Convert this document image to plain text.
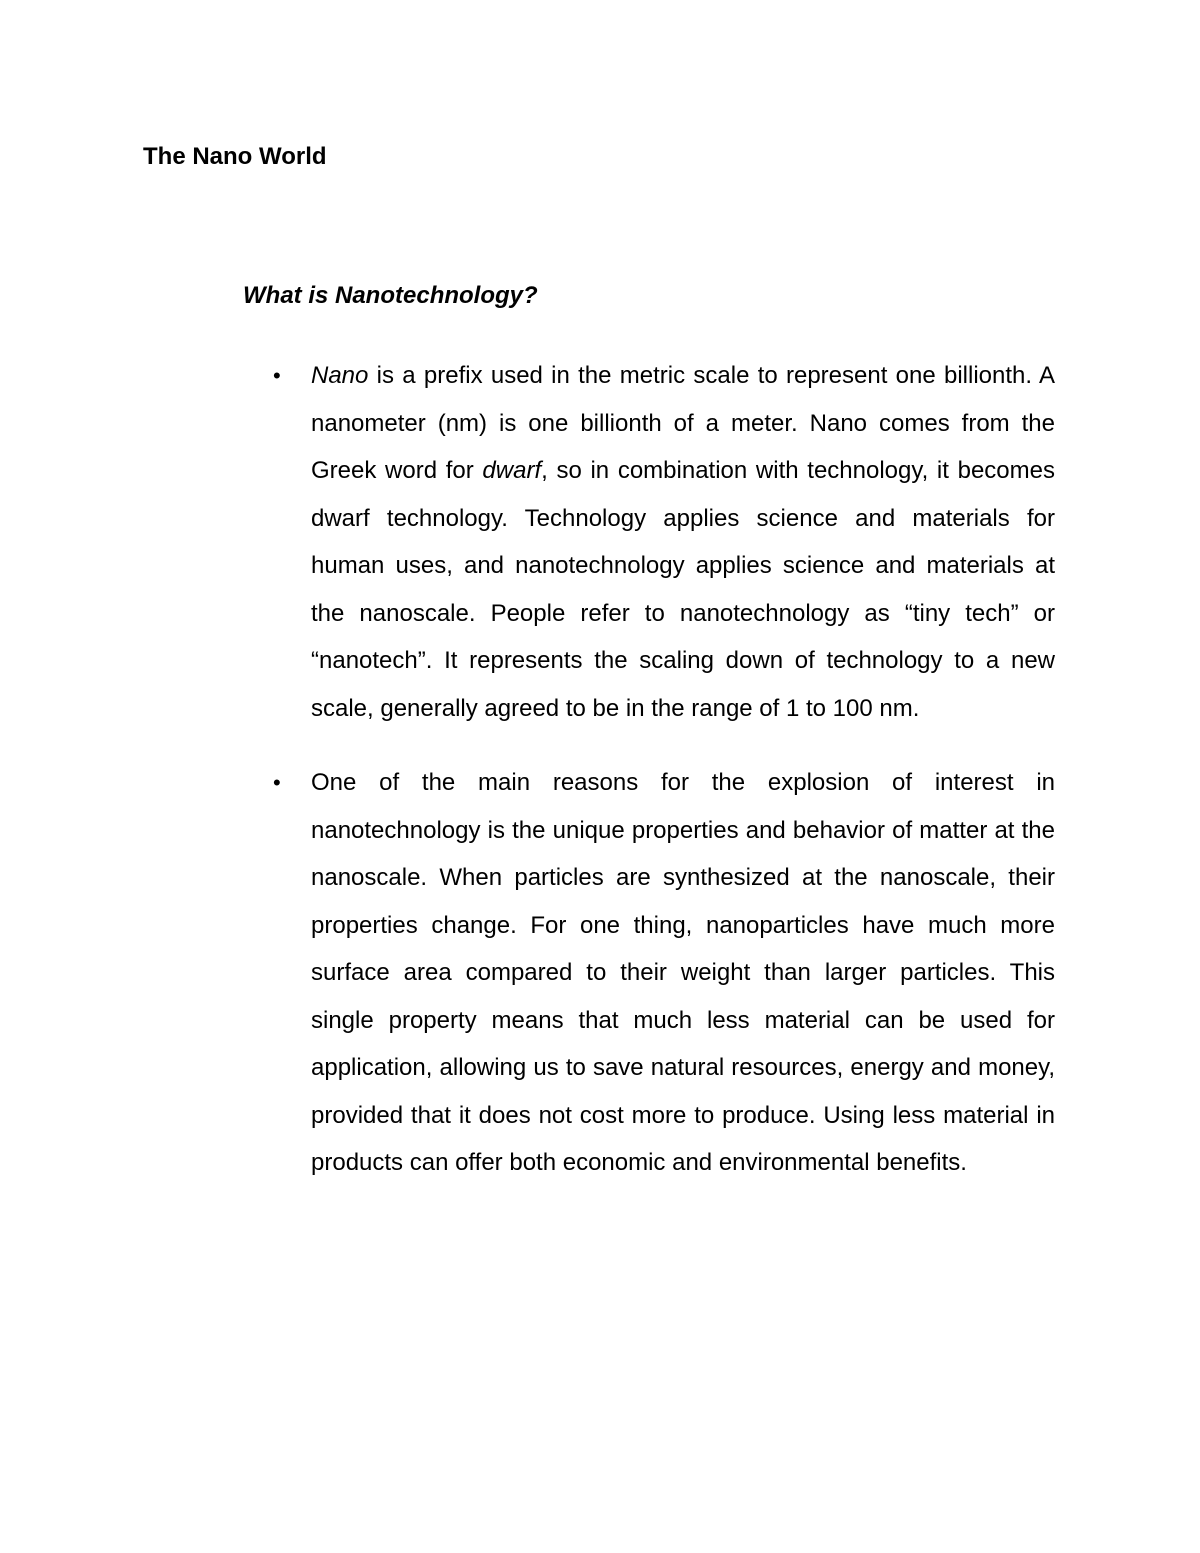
The Nano World
What is Nanotechnology?
• Nano is a prefix used in the metric scale to represent one billionth. A nanometer (nm) is one billionth of a meter. Nano comes from the Greek word for dwarf, so in combination with technology, it becomes dwarf technology. Technology applies science and materials for human uses, and nanotechnology applies science and materials at the nanoscale. People refer to nanotechnology as “tiny tech” or “nanotech”. It represents the scaling down of technology to a new scale, generally agreed to be in the range of 1 to 100 nm.
• One of the main reasons for the explosion of interest in nanotechnology is the unique properties and behavior of matter at the nanoscale. When particles are synthesized at the nanoscale, their properties change. For one thing, nanoparticles have much more surface area compared to their weight than larger particles. This single property means that much less material can be used for application, allowing us to save natural resources, energy and money, provided that it does not cost more to produce. Using less material in products can offer both economic and environmental benefits.
